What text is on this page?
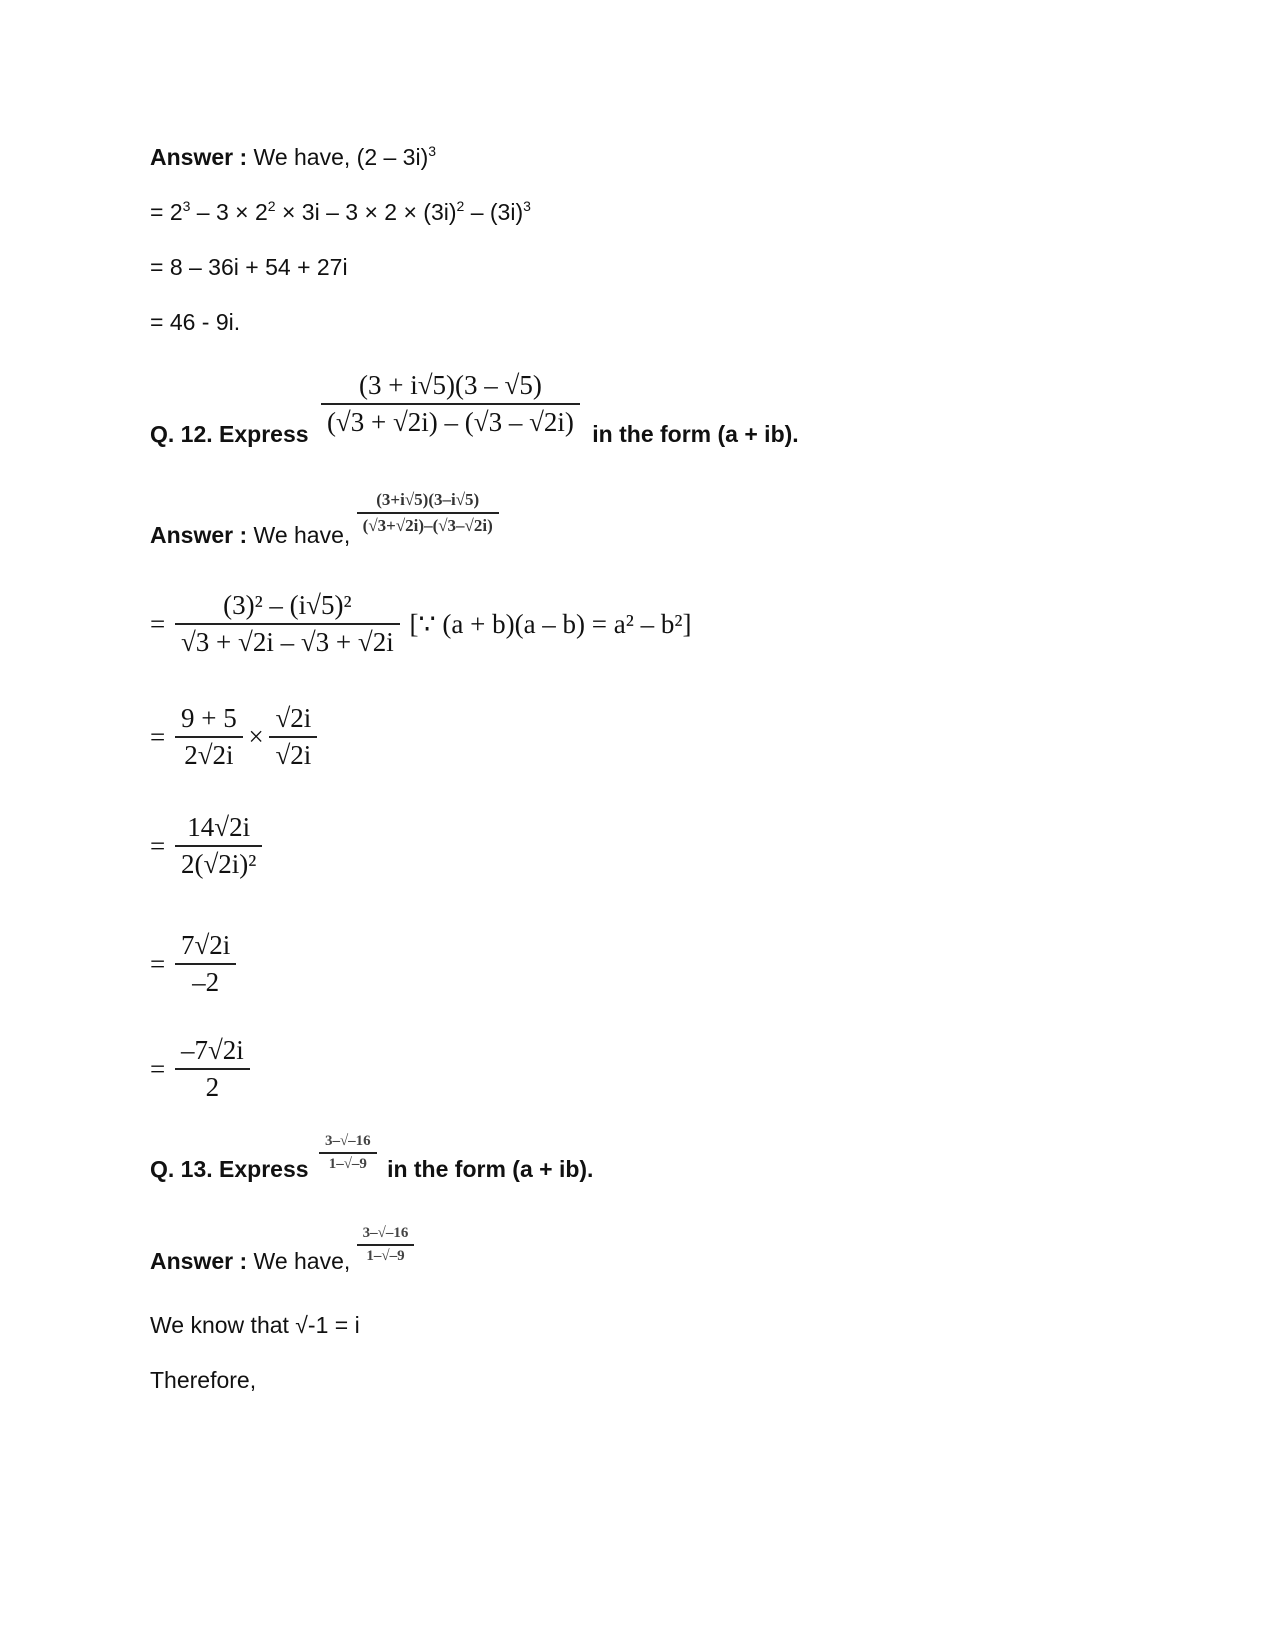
Answer : We have, (2 – 3i)$^3$
= $2^3 - 3 \times 2^2 \times 3i - 3 \times 2 \times (3i)^2 - (3i)^3$
= 8 – 36i + 54 + 27i
= 46 - 9i.
Q. 12. Express $\frac{(3 + i√5)(3 - √5)}{(√3 + √2i) - (√3 - √2i)}$ in the form (a + ib).
Answer : We have, $\frac{(3+i√5)(3-i√5)}{(√3+√2i)-(√3-√2i)}$
= $\frac{\text{(3)² – (i√5)²}}{√3 + √2i - √3 + √2i}$ [∵ (a + b)(a – b) = a² – b²]
= $\frac{9 + 5}{2√2i} \times \frac{√2i}{√2i}$
= $\frac{14√2i}{\text{2(√2i)²}}$
= $\frac{7√2i}{-2}$
= $\frac{-7√2i}{2}$
Q. 13. Express $\frac{3-√-16}{1-√-9}$ in the form (a + ib).
Answer : We have, $\frac{3-√-16}{1-√-9}$
We know that √-1 = i
Therefore,
